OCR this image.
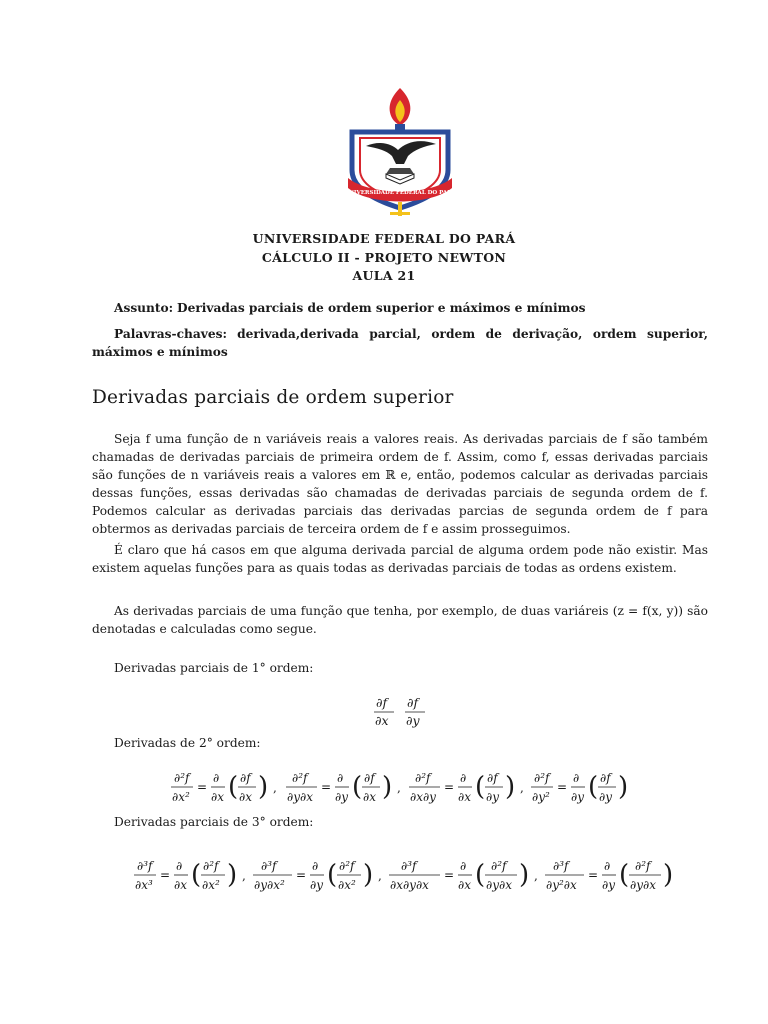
UNIVERSIDADE FEDERAL DO PARÁ
UNIVERSIDADE FEDERAL DO PARÁ
CÁLCULO II - PROJETO NEWTON
AULA 21
Assunto: Derivadas parciais de ordem superior e máximos e mínimos
Palavras-chaves: derivada,derivada parcial, ordem de derivação, ordem superior, máximos e mínimos
Derivadas parciais de ordem superior
Seja f uma função de n variáveis reais a valores reais. As derivadas parciais de f são também chamadas de derivadas parciais de primeira ordem de f. Assim, como f, essas derivadas parciais são funções de n variáveis reais a valores em ℝ e, então, podemos calcular as derivadas parciais dessas funções, essas derivadas são chamadas de derivadas parciais de segunda ordem de f. Podemos calcular as derivadas parciais das derivadas parcias de segunda ordem de f para obtermos as derivadas parciais de terceira ordem de f e assim prosseguimos.
É claro que há casos em que alguma derivada parcial de alguma ordem pode não existir. Mas existem aquelas funções para as quais todas as derivadas parciais de todas as ordens existem.
As derivadas parciais de uma função que tenha, por exemplo, de duas variáreis (z = f(x, y)) são denotadas e calculadas como segue.
Derivadas parciais de 1° ordem:
Derivadas de 2° ordem:
Derivadas parciais de 3° ordem:
∂f
∂x
∂f
∂y
∂²f
∂x²
=
∂
∂x ( ∂f
∂x ) ,
∂²f
∂y∂x
=
∂
∂y ( ∂f
∂x ) ,
∂²f
∂x∂y
=
∂
∂x ( ∂f
∂y ) ,
∂²f
∂y²
=
∂
∂y ( ∂f
∂y )
∂³f
∂x³
=
∂
∂x ( ∂²f
∂x² ) ,
∂³f
∂y∂x²
=
∂
∂y ( ∂²f
∂x² ) ,
∂³f
∂x∂y∂x
=
∂
∂x ( ∂²f
∂y∂x ) ,
∂³f
∂y²∂x
=
∂
∂y ( ∂²f
∂y∂x )
